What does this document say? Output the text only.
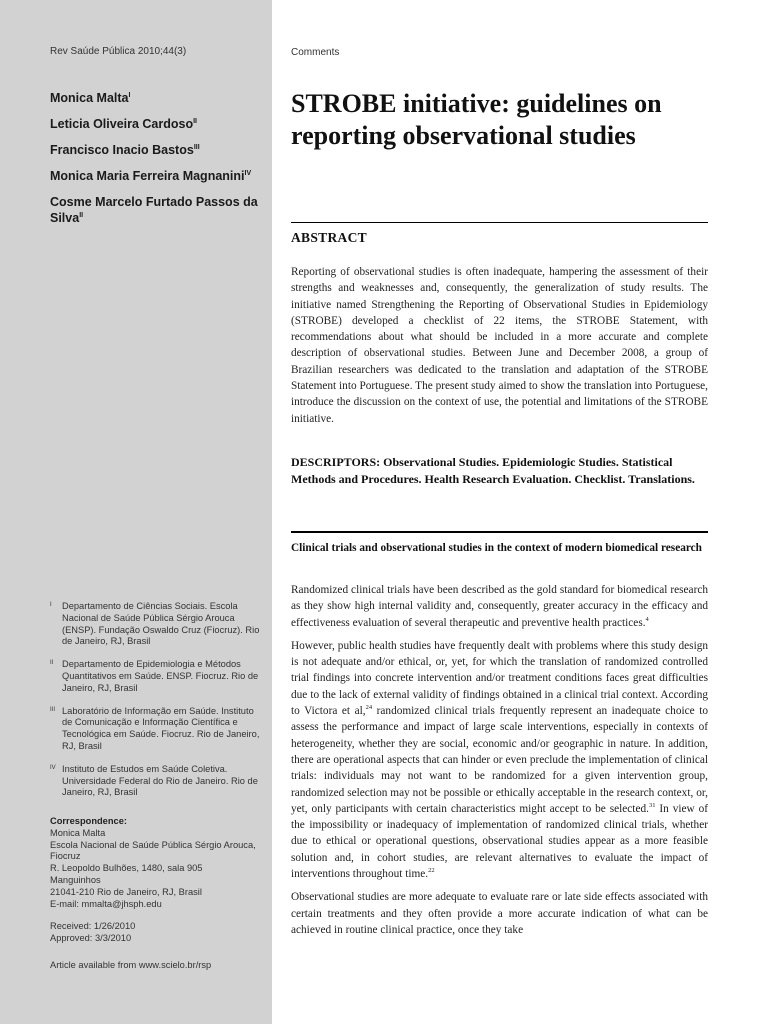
Rev Saúde Pública 2010;44(3)	Comments
Monica Malta$^I$
Leticia Oliveira Cardoso$^{II}$
Francisco Inacio Bastos$^{III}$
Monica Maria Ferreira Magnanini$^{IV}$
Cosme Marcelo Furtado Passos da Silva$^{II}$
STROBE initiative: guidelines on reporting observational studies
ABSTRACT

Reporting of observational studies is often inadequate, hampering the assessment of their strengths and weaknesses and, consequently, the generalization of study results. The initiative named Strengthening the Reporting of Observational Studies in Epidemiology (STROBE) developed a checklist of 22 items, the STROBE Statement, with recommendations about what should be included in a more accurate and complete description of observational studies. Between June and December 2008, a group of Brazilian researchers was dedicated to the translation and adaptation of the STROBE Statement into Portuguese. The present study aimed to show the translation into Portuguese, introduce the discussion on the context of use, the potential and limitations of the STROBE initiative.

DESCRIPTORS: Observational Studies. Epidemiologic Studies. Statistical Methods and Procedures. Health Research Evaluation. Checklist. Translations.

Clinical trials and observational studies in the context of modern biomedical research

Randomized clinical trials have been described as the gold standard for biomedical research as they show high internal validity and, consequently, greater accuracy in the efficacy and effectiveness evaluation of several therapeutic and preventive health practices.$^4$

However, public health studies have frequently dealt with problems where this study design is not adequate and/or ethical, or, yet, for which the translation of randomized controlled trial findings into concrete intervention and/or treatment conditions faces great difficulties due to the lack of external validity of findings obtained in a clinical trial context. According to Victora et al,$^{24}$ randomized clinical trials frequently represent an inadequate choice to assess the performance and impact of large scale interventions, especially in contexts of heterogeneity, whether they are social, economic and/or geographic in nature. In addition, there are operational aspects that can hinder or even preclude the implementation of clinical trials: individuals may not want to be randomized for a given intervention group, randomized selection may not be possible or ethically acceptable in the research context, or, yet, only participants with certain characteristics might accept to be selected.$^{31}$ In view of the impossibility or inadequacy of implementation of randomized clinical trials, whether due to ethical or operational questions, observational studies appear as a more feasible solution and, in cohort studies, are relevant alternatives to evaluate the impact of interventions throughout time.$^{22}$

Observational studies are more adequate to evaluate rare or late side effects associated with certain treatments and they often provide a more accurate indication of what can be achieved in routine clinical practice, once they take

I Departamento de Ciências Sociais. Escola Nacional de Saúde Pública Sérgio Arouca (ENSP). Fundação Oswaldo Cruz (Fiocruz). Rio de Janeiro, RJ, Brasil
II Departamento de Epidemiologia e Métodos Quantitativos em Saúde. ENSP. Fiocruz. Rio de Janeiro, RJ, Brasil
III Laboratório de Informação em Saúde. Instituto de Comunicação e Informação Científica e Tecnológica em Saúde. Fiocruz. Rio de Janeiro, RJ, Brasil
IV Instituto de Estudos em Saúde Coletiva. Universidade Federal do Rio de Janeiro. Rio de Janeiro, RJ, Brasil
Correspondence:
Monica Malta
Escola Nacional de Saúde Pública Sérgio Arouca, Fiocruz
R. Leopoldo Bulhões, 1480, sala 905
Manguinhos
21041-210 Rio de Janeiro, RJ, Brasil
E-mail: mmalta@jhsph.edu
Received: 1/26/2010
Approved: 3/3/2010
Article available from www.scielo.br/rsp
